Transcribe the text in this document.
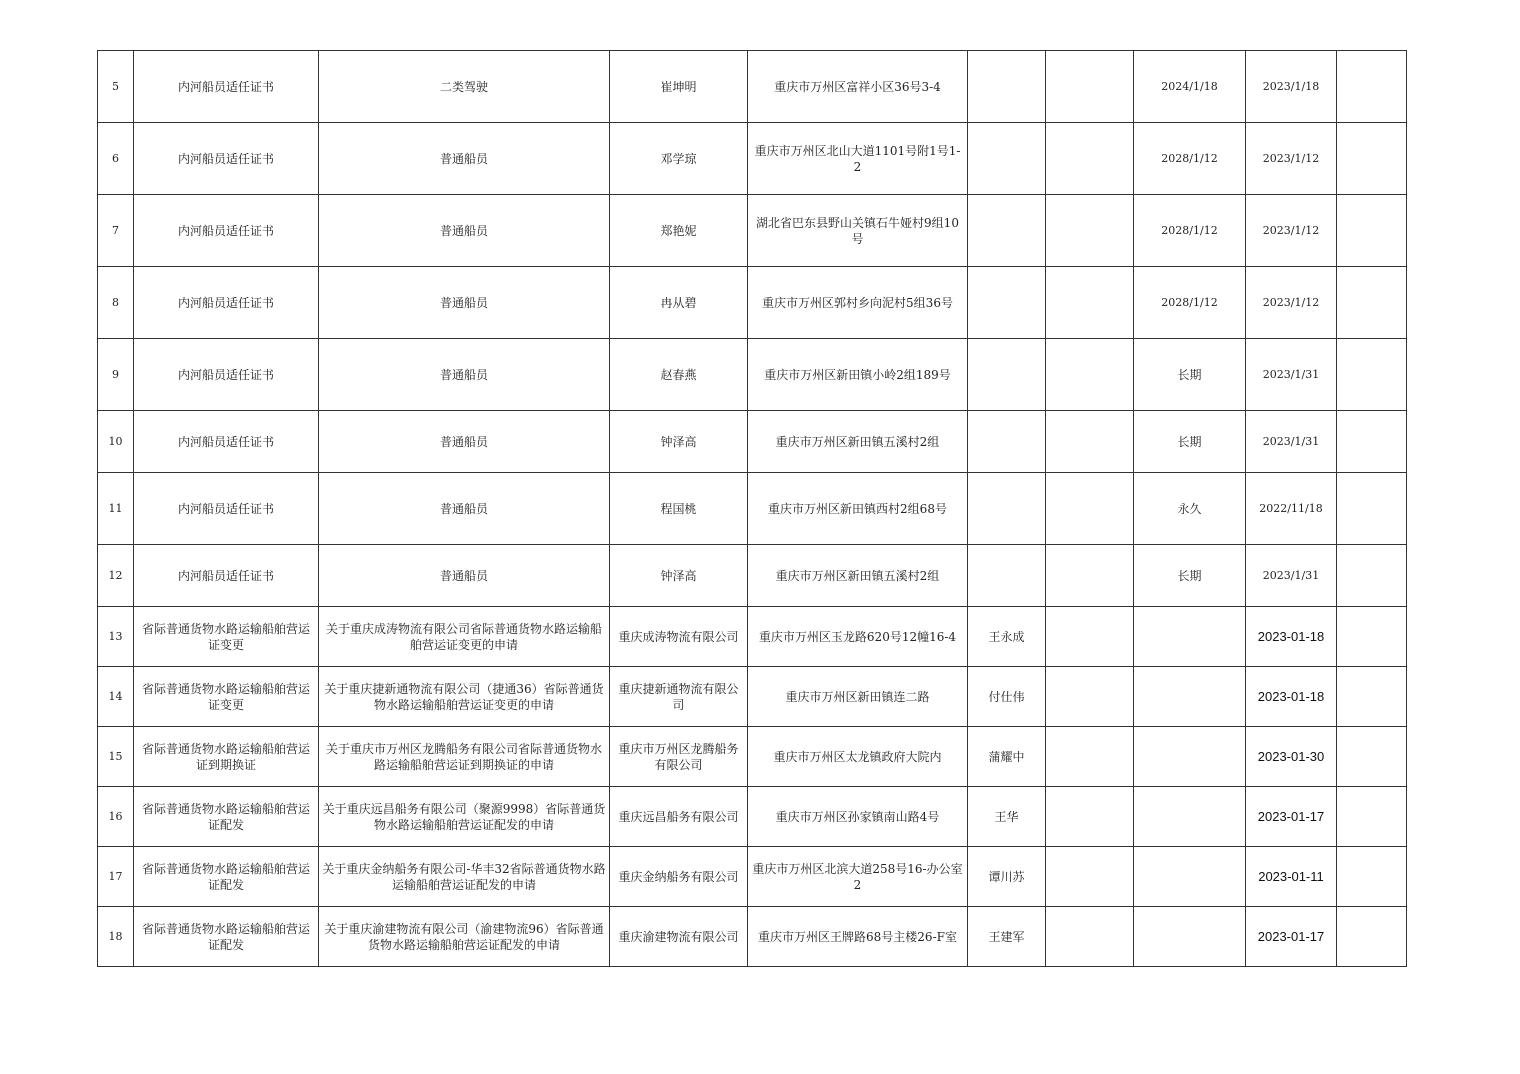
5	内河船员适任证书	二类驾驶	崔坤明	重庆市万州区富祥小区36号3-4			2024/1/18	2023/1/18	
6	内河船员适任证书	普通船员	邓学琼	重庆市万州区北山大道1101号附1号1-2			2028/1/12	2023/1/12	
7	内河船员适任证书	普通船员	郑艳妮	湖北省巴东县野山关镇石牛娅村9组10号			2028/1/12	2023/1/12	
8	内河船员适任证书	普通船员	冉从碧	重庆市万州区郭村乡向泥村5组36号			2028/1/12	2023/1/12	
9	内河船员适任证书	普通船员	赵春燕	重庆市万州区新田镇小岭2组189号			长期	2023/1/31	
10	内河船员适任证书	普通船员	钟泽高	重庆市万州区新田镇五溪村2组			长期	2023/1/31	
11	内河船员适任证书	普通船员	程国桃	重庆市万州区新田镇西村2组68号			永久	2022/11/18	
12	内河船员适任证书	普通船员	钟泽高	重庆市万州区新田镇五溪村2组			长期	2023/1/31	
13	省际普通货物水路运输船舶营运证变更	关于重庆成涛物流有限公司省际普通货物水路运输船舶营运证变更的申请	重庆成涛物流有限公司	重庆市万州区玉龙路620号12幢16-4	王永成			2023-01-18	
14	省际普通货物水路运输船舶营运证变更	关于重庆捷新通物流有限公司（捷通36）省际普通货物水路运输船舶营运证变更的申请	重庆捷新通物流有限公司	重庆市万州区新田镇连二路	付仕伟			2023-01-18	
15	省际普通货物水路运输船舶营运证到期换证	关于重庆市万州区龙腾船务有限公司省际普通货物水路运输船舶营运证到期换证的申请	重庆市万州区龙腾船务有限公司	重庆市万州区太龙镇政府大院内	蒲耀中			2023-01-30	
16	省际普通货物水路运输船舶营运证配发	关于重庆远昌船务有限公司（聚源9998）省际普通货物水路运输船舶营运证配发的申请	重庆远昌船务有限公司	重庆市万州区孙家镇南山路4号	王华			2023-01-17	
17	省际普通货物水路运输船舶营运证配发	关于重庆金纳船务有限公司-华丰32省际普通货物水路运输船舶营运证配发的申请	重庆金纳船务有限公司	重庆市万州区北滨大道258号16-办公室2	谭川苏			2023-01-11	
18	省际普通货物水路运输船舶营运证配发	关于重庆渝建物流有限公司（渝建物流96）省际普通货物水路运输船舶营运证配发的申请	重庆渝建物流有限公司	重庆市万州区王牌路68号主楼26-F室	王建军			2023-01-17	
